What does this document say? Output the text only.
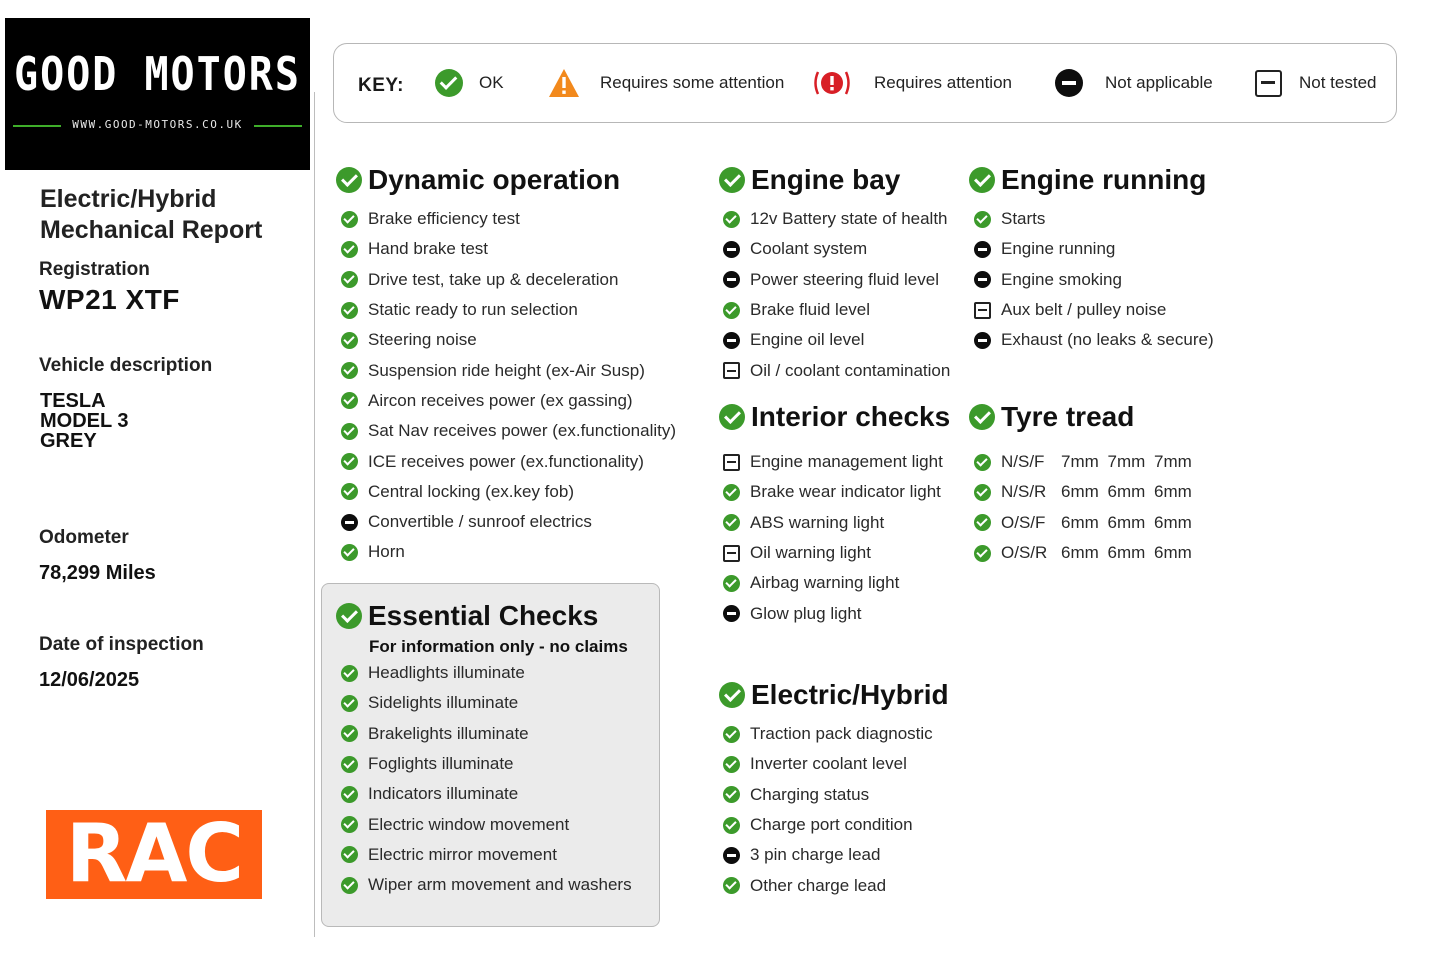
GOOD MOTORS
WWW.GOOD-MOTORS.CO.UK
Electric/Hybrid
Mechanical Report
Registration
WP21 XTF
Vehicle description
TESLA
MODEL 3
GREY
Odometer
78,299 Miles
Date of inspection
12/06/2025
RAC
KEY:	OK	Requires some attention	Requires attention	Not applicable	Not tested
Dynamic operation
Brake efficiency test
Hand brake test
Drive test, take up & deceleration
Static ready to run selection
Steering noise
Suspension ride height (ex-Air Susp)
Aircon receives power (ex gassing)
Sat Nav receives power (ex.functionality)
ICE receives power (ex.functionality)
Central locking (ex.key fob)
Convertible / sunroof electrics
Horn
Essential Checks
For information only - no claims
Headlights illuminate
Sidelights illuminate
Brakelights illuminate
Foglights illuminate
Indicators illuminate
Electric window movement
Electric mirror movement
Wiper arm movement and washers
Engine bay
12v Battery state of health
Coolant system
Power steering fluid level
Brake fluid level
Engine oil level
Oil / coolant contamination
Interior checks
Engine management light
Brake wear indicator light
ABS warning light
Oil warning light
Airbag warning light
Glow plug light
Electric/Hybrid
Traction pack diagnostic
Inverter coolant level
Charging status
Charge port condition
3 pin charge lead
Other charge lead
Engine running
Starts
Engine running
Engine smoking
Aux belt / pulley noise
Exhaust (no leaks & secure)
Tyre tread
N/S/F 7mm 7mm 7mm
N/S/R 6mm 6mm 6mm
O/S/F 6mm 6mm 6mm
O/S/R 6mm 6mm 6mm
